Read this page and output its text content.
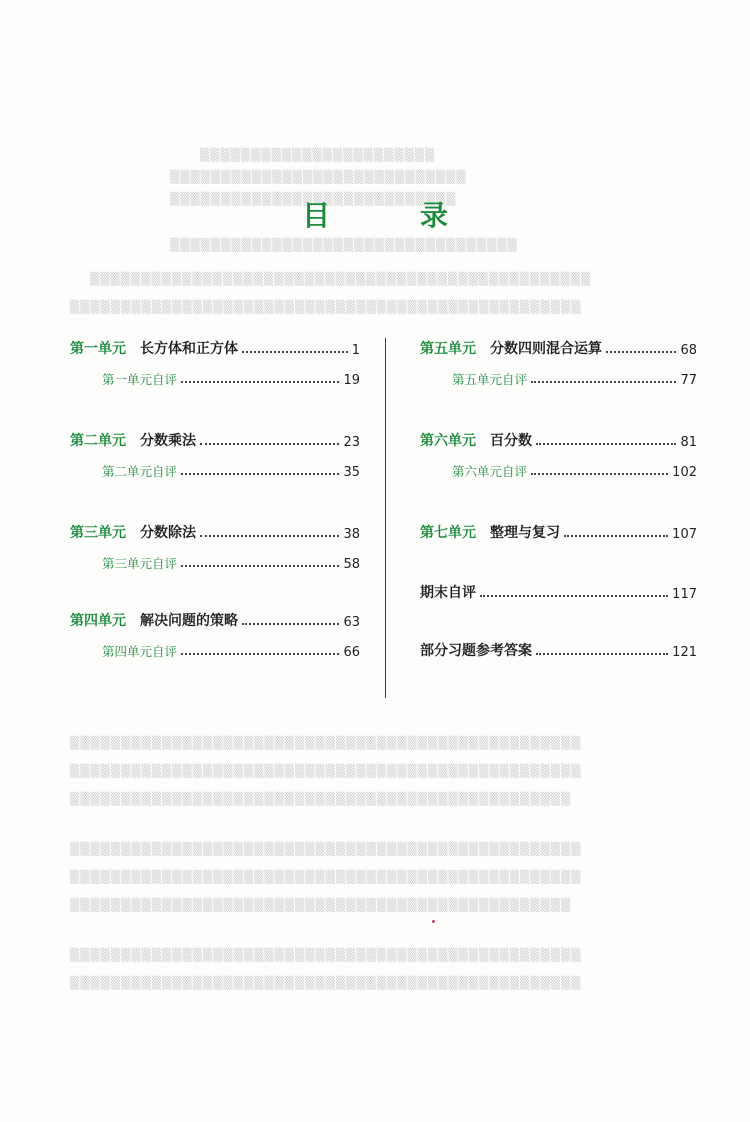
▒▒▒▒▒▒▒▒▒▒▒▒▒▒▒▒▒▒▒▒▒▒▒
▒▒▒▒▒▒▒▒▒▒▒▒▒▒▒▒▒▒▒▒▒▒▒▒▒▒▒▒▒
▒▒▒▒▒▒▒▒▒▒▒▒▒▒▒▒▒▒▒▒▒▒▒▒▒▒▒▒
▒▒▒▒▒▒▒▒▒▒▒▒▒▒▒▒▒▒▒▒▒▒▒▒▒▒▒▒▒▒▒▒▒▒
▒▒▒▒▒▒▒▒▒▒▒▒▒▒▒▒▒▒▒▒▒▒▒▒▒▒▒▒▒▒▒▒▒▒▒▒▒▒▒▒▒▒▒▒▒▒▒▒▒
▒▒▒▒▒▒▒▒▒▒▒▒▒▒▒▒▒▒▒▒▒▒▒▒▒▒▒▒▒▒▒▒▒▒▒▒▒▒▒▒▒▒▒▒▒▒▒▒▒▒
▒▒▒▒▒▒▒▒▒▒▒▒▒▒▒▒▒▒▒▒▒▒▒▒▒▒▒▒▒▒▒▒▒▒▒▒▒▒▒▒▒▒▒▒▒▒▒▒▒▒
▒▒▒▒▒▒▒▒▒▒▒▒▒▒▒▒▒▒▒▒▒▒▒▒▒▒▒▒▒▒▒▒▒▒▒▒▒▒▒▒▒▒▒▒▒▒▒▒▒▒
▒▒▒▒▒▒▒▒▒▒▒▒▒▒▒▒▒▒▒▒▒▒▒▒▒▒▒▒▒▒▒▒▒▒▒▒▒▒▒▒▒▒▒▒▒▒▒▒▒
▒▒▒▒▒▒▒▒▒▒▒▒▒▒▒▒▒▒▒▒▒▒▒▒▒▒▒▒▒▒▒▒▒▒▒▒▒▒▒▒▒▒▒▒▒▒▒▒▒▒
▒▒▒▒▒▒▒▒▒▒▒▒▒▒▒▒▒▒▒▒▒▒▒▒▒▒▒▒▒▒▒▒▒▒▒▒▒▒▒▒▒▒▒▒▒▒▒▒▒▒
▒▒▒▒▒▒▒▒▒▒▒▒▒▒▒▒▒▒▒▒▒▒▒▒▒▒▒▒▒▒▒▒▒▒▒▒▒▒▒▒▒▒▒▒▒▒▒▒▒
▒▒▒▒▒▒▒▒▒▒▒▒▒▒▒▒▒▒▒▒▒▒▒▒▒▒▒▒▒▒▒▒▒▒▒▒▒▒▒▒▒▒▒▒▒▒▒▒▒▒
▒▒▒▒▒▒▒▒▒▒▒▒▒▒▒▒▒▒▒▒▒▒▒▒▒▒▒▒▒▒▒▒▒▒▒▒▒▒▒▒▒▒▒▒▒▒▒▒▒▒
目 录
第一单元 长方体和正方体	1
第一单元自评	19
第二单元 分数乘法	23
第二单元自评	35
第三单元 分数除法	38
第三单元自评	58
第四单元 解决问题的策略	63
第四单元自评	66
第五单元 分数四则混合运算	68
第五单元自评	77
第六单元 百分数	81
第六单元自评	102
第七单元 整理与复习	107
期末自评	117
部分习题参考答案	121
